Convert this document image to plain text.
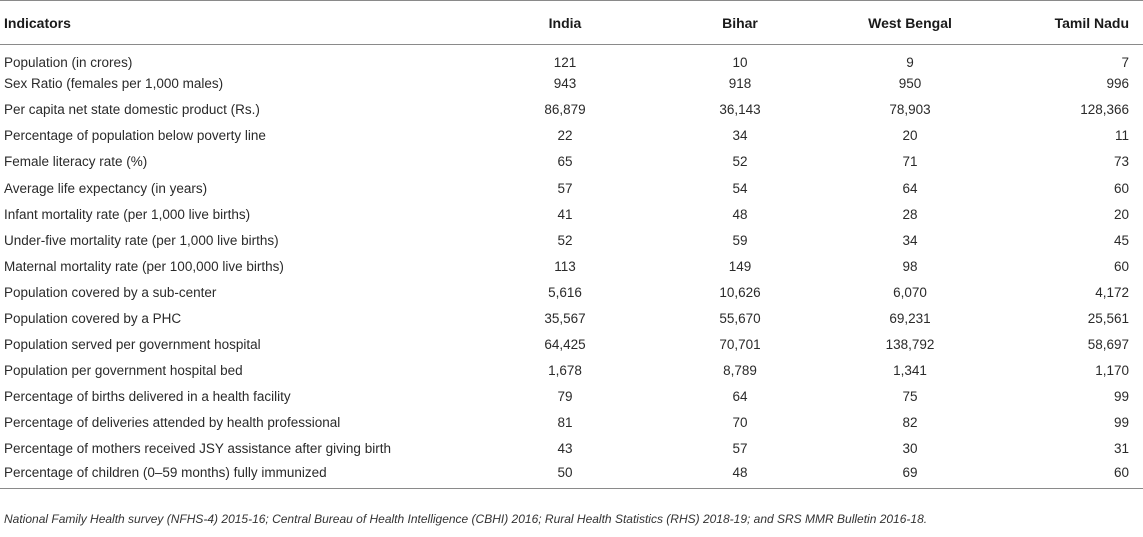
Indicators	India	Bihar	West Bengal	Tamil Nadu
Population (in crores)	121	10	9	7
Sex Ratio (females per 1,000 males)	943	918	950	996
Per capita net state domestic product (Rs.)	86,879	36,143	78,903	128,366
Percentage of population below poverty line	22	34	20	11
Female literacy rate (%)	65	52	71	73
Average life expectancy (in years)	57	54	64	60
Infant mortality rate (per 1,000 live births)	41	48	28	20
Under-five mortality rate (per 1,000 live births)	52	59	34	45
Maternal mortality rate (per 100,000 live births)	113	149	98	60
Population covered by a sub-center	5,616	10,626	6,070	4,172
Population covered by a PHC	35,567	55,670	69,231	25,561
Population served per government hospital	64,425	70,701	138,792	58,697
Population per government hospital bed	1,678	8,789	1,341	1,170
Percentage of births delivered in a health facility	79	64	75	99
Percentage of deliveries attended by health professional	81	70	82	99
Percentage of mothers received JSY assistance after giving birth	43	57	30	31
Percentage of children (0–59 months) fully immunized	50	48	69	60
National Family Health survey (NFHS-4) 2015-16; Central Bureau of Health Intelligence (CBHI) 2016; Rural Health Statistics (RHS) 2018-19; and SRS MMR Bulletin 2016-18.
